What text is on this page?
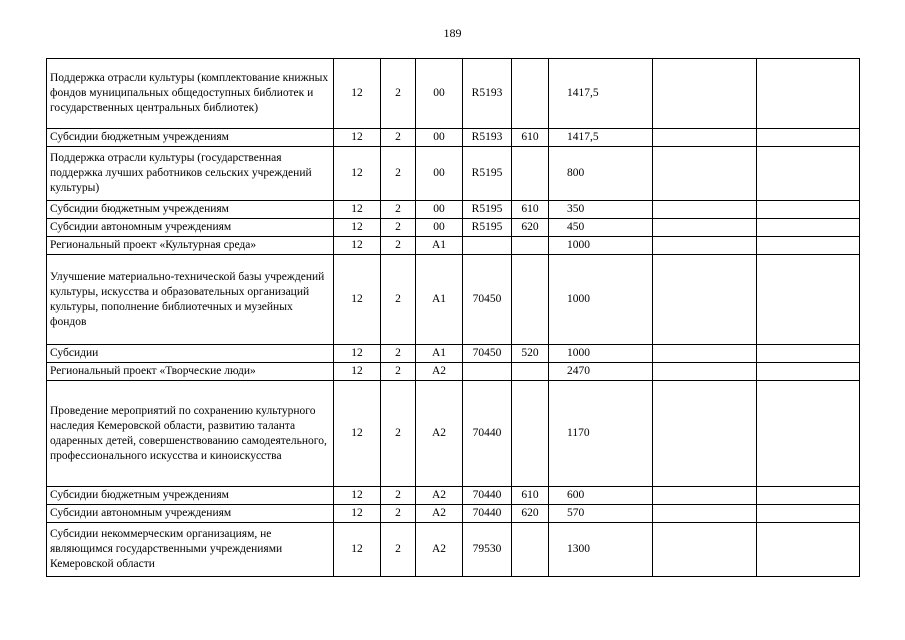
189
Поддержка отрасли культуры (комплектование книжных фондов муниципальных общедоступных библиотек и государственных центральных библиотек)	12	2	00	R5193		1417,5		
Субсидии бюджетным учреждениям	12	2	00	R5193	610	1417,5		
Поддержка отрасли культуры (государственная поддержка лучших работников сельских учреждений культуры)	12	2	00	R5195		800		
Субсидии бюджетным учреждениям	12	2	00	R5195	610	350		
Субсидии автономным учреждениям	12	2	00	R5195	620	450		
Региональный проект «Культурная среда»	12	2	А1			1000		
Улучшение материально-технической базы учреждений культуры, искусства и образовательных организаций культуры, пополнение библиотечных и музейных фондов	12	2	А1	70450		1000		
Субсидии	12	2	А1	70450	520	1000		
Региональный проект «Творческие люди»	12	2	А2			2470		
Проведение мероприятий по сохранению культурного наследия Кемеровской области, развитию таланта одаренных детей, совершенствованию самодеятельного, профессионального искусства и киноискусства	12	2	А2	70440		1170		
Субсидии бюджетным учреждениям	12	2	А2	70440	610	600		
Субсидии автономным учреждениям	12	2	А2	70440	620	570		
Субсидии некоммерческим организациям, не являющимся государственными учреждениями Кемеровской области	12	2	А2	79530		1300		
